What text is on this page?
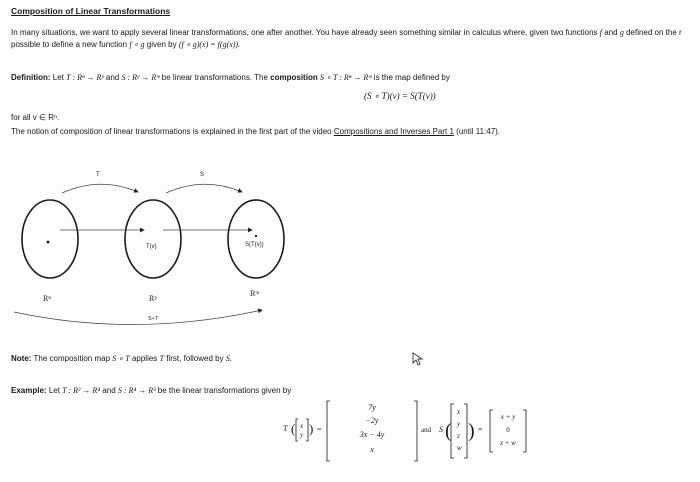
Composition of Linear Transformations
In many situations, we want to apply several linear transformations, one after another. You have already seen something similar in calculus where, given two functions f and g defined on the r
possible to define a new function f ∘ g given by (f ∘ g)(x) = f(g(x)).
Definition: Let T : Rⁿ → Rᵖ and S : Rᵖ → Rᵐ be linear transformations. The composition S ∘ T : Rⁿ → Rᵐ is the map defined by
(S ∘ T)(v) = S(T(v))
for all v ∈ Rⁿ.
The notion of composition of linear transformations is explained in the first part of the video Compositions and Inverses Part 1 (until 11:47).
T	S
T(v)	S(T(v))
Rⁿ	Rᵖ
Rᵐ
S∘T
Note: The composition map S ∘ T applies T first, followed by S.
Example: Let T : R² → R⁴ and S : R⁴ → R³ be the linear transformations given by
T ( x
y ) =
7y
−2y
3x − 4y
x
and S (
x
y
z
w
) =
x + y
0
z + w
